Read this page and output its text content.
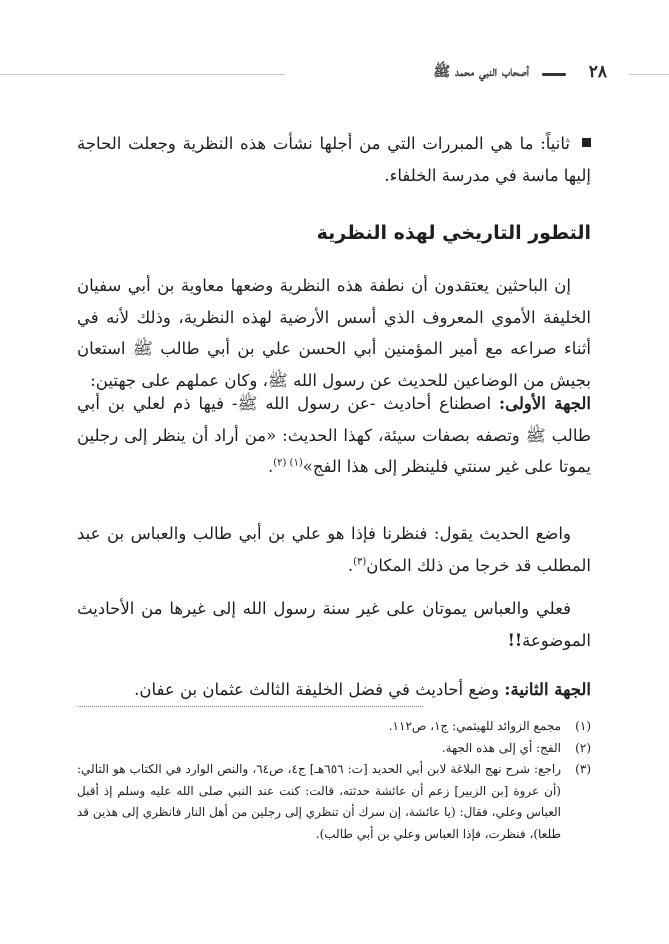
٢٨
أصحاب النبي محمد ﷺ
ثانياً: ما هي المبررات التي من أجلها نشأت هذه النظرية وجعلت الحاجة إليها ماسة في مدرسة الخلفاء.
التطور التاريخي لهذه النظرية

إن الباحثين يعتقدون أن نطفة هذه النظرية وضعها معاوية بن أبي سفيان الخليفة الأموي المعروف الذي أسس الأرضية لهذه النظرية، وذلك لأنه في أثناء صراعه مع أمير المؤمنين أبي الحسن علي بن أبي طالب ﷺ استعان بجيش من الوضاعين للحديث عن رسول الله ﷺ، وكان عملهم على جهتين:

الجهة الأولى: اصطناع أحاديث -عن رسول الله ﷺ- فيها ذم لعلي بن أبي طالب ﷺ وتصفه بصفات سيئة، كهذا الحديث: «من أراد أن ينظر إلى رجلين يموتا على غير سنتي فلينظر إلى هذا الفج»$^{(١) (٢)}$.

واضع الحديث يقول: فنظرنا فإذا هو علي بن أبي طالب والعباس بن عبد المطلب قد خرجا من ذلك المكان$^{(٣)}$.

فعلي والعباس يموتان على غير سنة رسول الله إلى غيرها من الأحاديث الموضوعة!!

الجهة الثانية: وضع أحاديث في فضل الخليفة الثالث عثمان بن عفان.

(١)
مجمع الزوائد للهيثمي: ج١، ص١١٢.
(٢)
الفج: أي إلى هذه الجهة.
(٣)
راجع: شرح نهج البلاغة لابن أبي الحديد [ت: ٦٥٦هـ] ج٤، ص٦٤، والنص الوارد في الكتاب هو التالي: (أن عروة [بن الزبير] زعم أن عائشة حدثته، قالت: كنت عند النبي صلى الله عليه وسلم إذ أقبل العباس وعلي، فقال: (يا عائشة، إن سرك أن تنظري إلى رجلين من أهل النار فانظري إلى هذين قد طلعا)، فنظرت، فإذا العباس وعلي بن أبي طالب).
